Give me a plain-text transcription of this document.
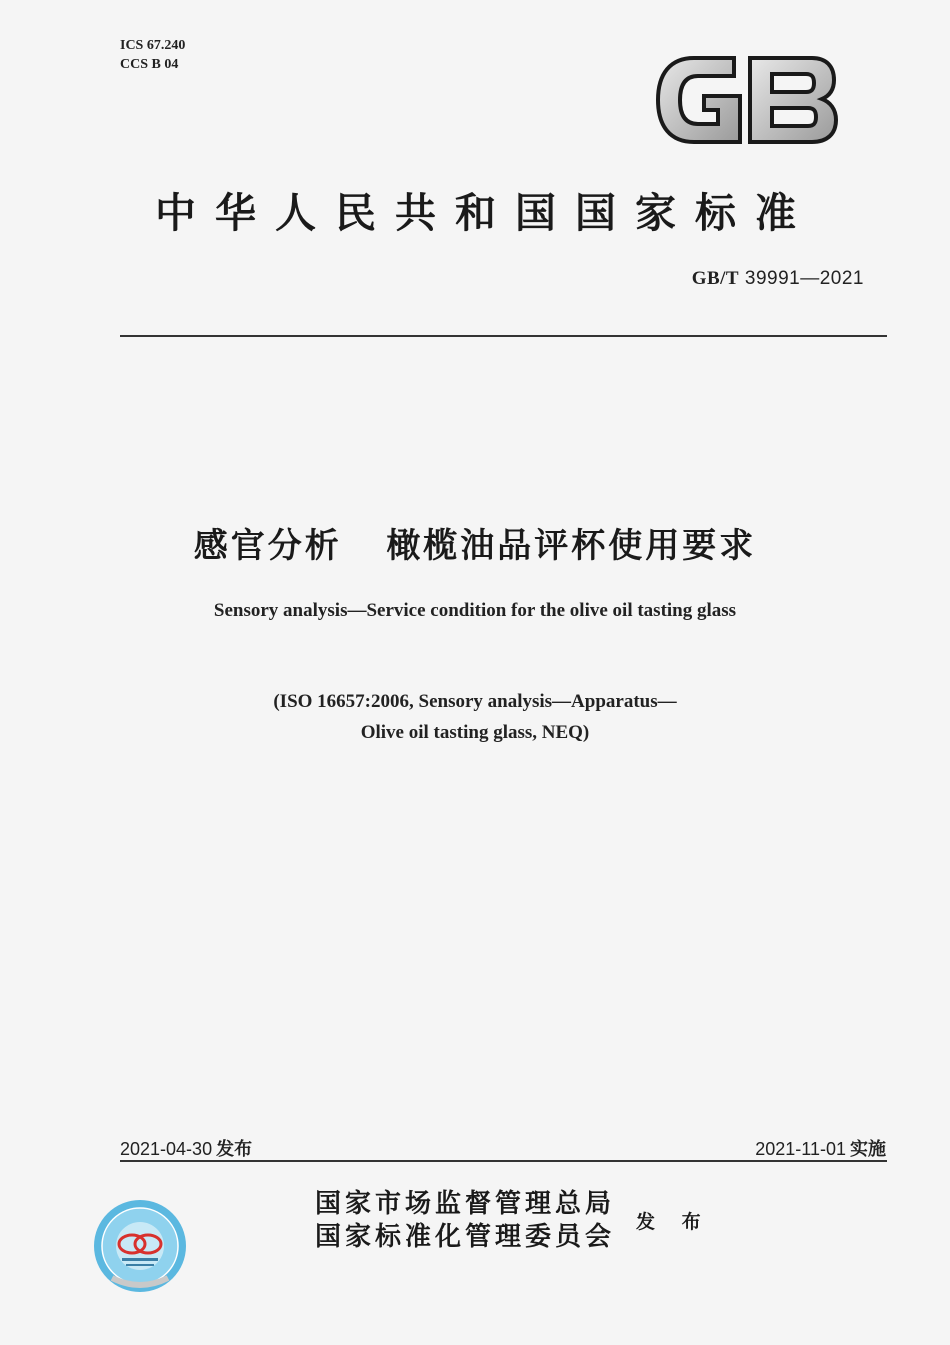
ICS 67.240
CCS B 04
中华人民共和国国家标准
GB/T 39991—2021
感官分析   橄榄油品评杯使用要求
Sensory analysis—Service condition for the olive oil tasting glass
(ISO 16657:2006, Sensory analysis—Apparatus—
Olive oil tasting glass, NEQ)
2021-04-30 发布	2021-11-01 实施
国家市场监督管理总局
国家标准化管理委员会 发 布
